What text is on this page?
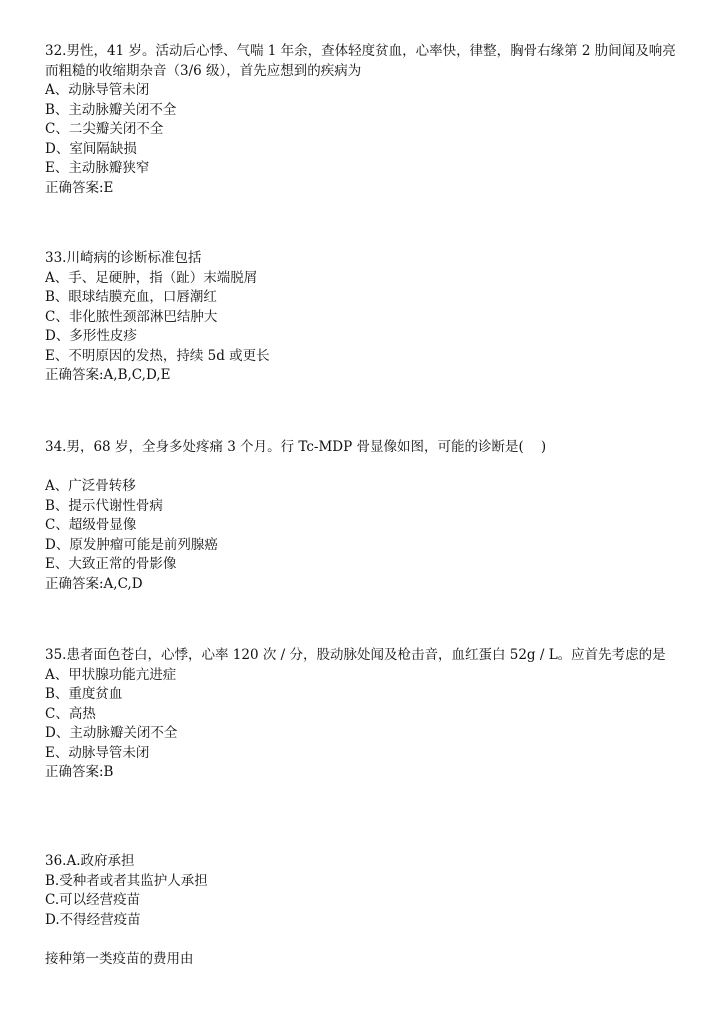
32.男性，41 岁。活动后心悸、气喘 1 年余，查体轻度贫血，心率快，律整，胸骨右缘第 2 肋间闻及响亮而粗糙的收缩期杂音（3/6 级），首先应想到的疾病为
A、动脉导管未闭
B、主动脉瓣关闭不全
C、二尖瓣关闭不全
D、室间隔缺损
E、主动脉瓣狭窄
正确答案:E
33.川崎病的诊断标准包括
A、手、足硬肿，指（趾）末端脱屑
B、眼球结膜充血，口唇潮红
C、非化脓性颈部淋巴结肿大
D、多形性皮疹
E、不明原因的发热，持续 5d 或更长
正确答案:A,B,C,D,E
34.男，68 岁，全身多处疼痛 3 个月。行 Tc-MDP 骨显像如图，可能的诊断是(    )
A、广泛骨转移
B、提示代谢性骨病
C、超级骨显像
D、原发肿瘤可能是前列腺癌
E、大致正常的骨影像
正确答案:A,C,D
35.患者面色苍白，心悸，心率 120 次 / 分，股动脉处闻及枪击音，血红蛋白 52g / L。应首先考虑的是
A、甲状腺功能亢进症
B、重度贫血
C、高热
D、主动脉瓣关闭不全
E、动脉导管未闭
正确答案:B
36.A.政府承担
B.受种者或者其监护人承担
C.可以经营疫苗
D.不得经营疫苗
接种第一类疫苗的费用由
